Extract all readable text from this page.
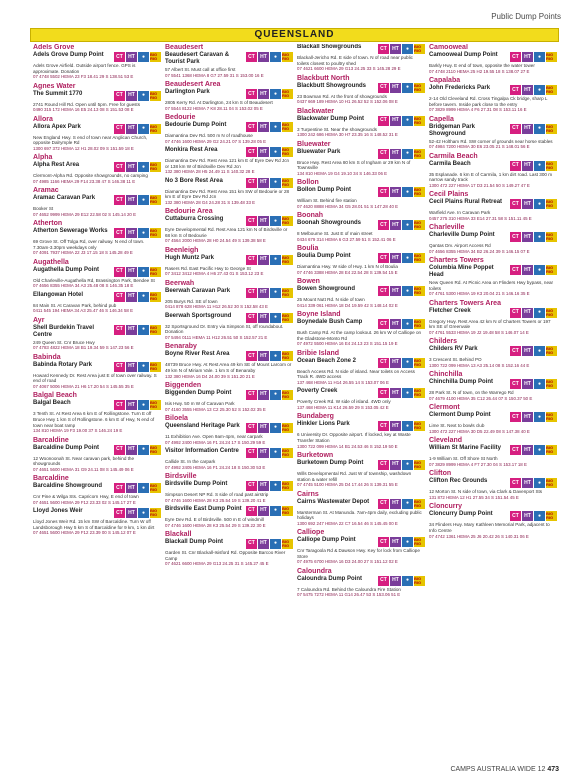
Public Dump Points
QUEENSLAND
Adels Grove
Adels Grove Dump Point	CT	HT	●	BIG RIG
Adels Grove Airfield. Outside airport fence. GPS is approximate. Donation
07 4748 5502 HEMA 23 F3 18.41 29 S 138.51 53 E
Agnes Water
The Summit 1770	CT	HT	●	BIG RIG
2741 Round Hill Rd. Open until 5pm. Free for guests
0490 315 172 HEMA 16 E5 24.13 08 S 151.53 08 E
Allora
Allora Apex Park	CT	HT	●	BIG RIG
New England Hwy. S end of town near Anglican Church, opposite Dalrymple Rd
1300 697 372 HEMA 12 H1 28.02 09 S 151.59 18 E
Alpha
Alpha Rest Area	CT	HT	●	BIG RIG
Clermont-Alpha Rd. Opposite showgrounds, no camping
07 4985 1166 HEMA 29 F14 23.38 47 S 146.38 11 E
Aramac
Aramac Caravan Park	CT	HT	●	BIG RIG
Booker St
07 4652 9999 HEMA 29 E12 22.58 02 S 145.14 20 E
Atherton
Atherton Sewerage Works	CT	HT	●	BIG RIG
69 Grove St. Off Tolga Rd, over railway. N end of town. 7.30am-3.30pm weekdays only
07 4091 7937 HEMA 22 J3 17.15 18 S 145.28 49 E
Augathella
Augathella Dump Point	CT	HT	●	BIG RIG
Old Charleville-Augathella Rd, Brassington Park, Bendee St
07 4656 8355 HEMA 34 A3 25.48 08 S 146.35 18 E
Ellangowan Hotel	CT	HT	●	BIG RIG
84 Main St. At Caravan Park, behind pub
0411 545 194 HEMA 34 A3 25.47 46 S 146.34 58 E
Ayr
Shell Burdekin Travel Centre
CT	HT	●	BIG RIG
249 Queen St. Cnr Bruce Hwy
07 4783 4822 HEMA 18 B1 19.34 59 S 147.23 56 E
Babinda
Babinda Rotary Park	CT	HT	●	BIG RIG
Howard Kennedy Dr. Rest Area just E of town over railway. S end of road
07 4067 5006 HEMA 21 H6 17.20 54 S 145.55 35 E
Balgal Beach
Balgal Beach	CT	HT	●	BIG RIG
3 Tenth St. At Rest Area 6 km E of Rollingstone. Turn E off Bruce Hwy 1 km S of Rollingstone. 6 km E of Hwy, N end of town near boat ramp
134 810 HEMA 19 F3 19.00 37 S 146.24 19 E
Barcaldine
Barcaldine Dump Point	CT	HT	●	BIG RIG
12 Woonoonah St. Near caravan park, behind the showgrounds
07 4651 5600 HEMA 31 G9 24.11 08 S 145.49 06 E
Barcaldine
Barcaldine Showground	CT	HT	●	BIG RIG
Cnr Pine & Wilga Sts. Capricorn Hwy, E end of town
07 4651 5600 HEMA 29 F12 23.33 02 S 145.17 27 E
Lloyd Jones Weir	CT	HT	●	BIG RIG
Lloyd Jones Weir Rd. 15 km SW of Barcaldine. Turn W off Landsborough Hwy 5 km S of Barcaldine for 9 km, 1 km dirt
07 4651 5600 HEMA 29 F12 23.39 00 S 145.12 07 E
Beaudesert
Beaudesert Caravan & Tourist Park
CT	HT	●	BIG RIG
57 Albert St. Must call at office first
07 5541 1368 HEMA 8 G7 27.59 31 S 153.00 16 E
Beaudesert Area
Darlington Park	CT	HT	●	BIG RIG
2805 Kerry Rd. At Darlington, 24 km S of Beaudesert
07 5544 8122 HEMA 7 K8 28.11 04 S 153.02 05 E
Bedourie
Bedourie Dump Point	CT	HT	●	BIG RIG
Diamantina Dev Rd. 500 m N of roadhouse
07 4746 1600 HEMA 29 G2 24.21 07 S 139.28 05 E
Monkira Rest Area	CT	HT	●	BIG RIG
Diamantina Dev Rd. Rest Area 121 km E of Eyre Dev Rd Jcn or 138 km W of Birdsville Dev Rd Jcn
132 380 HEMA 28 H5 24.49 11 S 140.32 28 E
No 3 Bore Rest Area	CT	HT	●	BIG RIG
Diamantina Dev Rd. Rest Area 151 km SW of Bedourie or 28 km E of Eyre Dev Rd Jcn
132 380 HEMA 28 G4 24.28 31 S 139.48 33 E
Bedourie Area
Cuttaburra Crossing	CT	HT	●	BIG RIG
Eyre Developmental Rd. Rest Area 121 km N of Birdsville or 68 km S of Bedourie
07 4564 2000 HEMA 28 H0 24.54 49 S 139.38 58 E
Beenleigh
Hugh Muntz Park	CT	HT	●	BIG RIG
Rasers Rd. East Pacific Hwy to George St
07 3412 3412 HEMA 4 H6 27.43 01 S 153.12 23 E
Beerwah
Beerwah Caravan Park	CT	HT	●	BIG RIG
205 Burys Rd. SE of town
0414 878 628 HEMA 11 H12 26.52 30 S 152.58 43 E
Beerwah Sportsground	CT	HT	●	BIG RIG
32 Sportsground Dr. Entry via Simpson St, off roundabout. Donation
07 5494 0111 HEMA 11 H12 26.51 50 S 152.57 21 E
Benaraby
Boyne River Rest Area	CT	HT	●	BIG RIG
48739 Bruce Hwy. At Rest Area 49 km SE of Mount Larcom or 49 km N of Miriam Vale. 1 km S of Benaraby
132 380 HEMA 16 D4 24.00 39 S 151.20 21 E
Biggenden
Biggenden Dump Point	CT	HT	●	BIG RIG
Isis Hwy. 50 m W of Caravan Park
07 4160 3555 HEMA 13 C2 25.30 52 S 152.02 35 E
Biloela
Queensland Heritage Park	CT	HT	●	BIG RIG
11 Exhibition Ave. Open 9am-4pm, near carpark
07 4992 2400 HEMA 16 F1 24.24 17 S 150.29 59 E
Visitor Information Centre	CT	HT	●	BIG RIG
Callide St. In the carpark
07 4992 2405 HEMA 16 F1 24.24 18 S 150.30 53 E
Birdsville
Birdsville Dump Point	CT	HT	●	BIG RIG
Simpson Desert NP Rd. S side of road past airstrip
07 4746 1600 HEMA 28 K3 25.54 19 S 139.20 41 E
Birdsville East Dump Point	CT	HT	●	BIG RIG
Eyre Dev Rd. E of Birdsville. 500 m E of windmill
07 4746 1600 HEMA 28 K3 25.54 29 S 139.22 30 E
Blackall
Blackall Dump Point	CT	HT	●	BIG RIG
Garden St. Cnr Blackall-Isisford Rd. Opposite Barcoo River Camp
07 4621 6600 HEMA 29 G13 24.25 31 S 145.27 45 E
Blackall Showgrounds	CT	HT	●	BIG RIG
Blackall-Jericho Rd. E side of town. N of road near public toilets closest to poultry shed
07 4621 6600 HEMA 29 G13 24.25 33 S 145.28 29 E
Blackbutt North
Blackbutt Showgrounds	CT	HT	●	BIG RIG
23 Bowman Rd. At the front of showgrounds
0437 669 189 HEMA 10 H1 26.52 52 S 152.06 08 E
Blackwater
Blackwater Dump Point	CT	HT	●	BIG RIG
3 Turpentine St. Near the showgrounds
1300 242 686 HEMA 30 H7 23.35 16 S 148.52 31 E
Bluewater
Bluewater Park	CT	HT	●	BIG RIG
Bruce Hwy. Rest Area 80 km S of Ingham or 29 km N of Townsville
134 810 HEMA 19 G4 19.10 34 S 146.33 06 E
Bollon
Bollon Dump Point	CT	HT	●	BIG RIG
William St. Behind fire station
07 4620 8888 HEMA 34 G5 28.01 51 S 147.28 40 E
Boonah
Boonah Showgrounds	CT	HT	●	BIG RIG
8 Melbourne St. Just E of main street
0434 679 314 HEMA 6 G3 27.59 51 S 152.41 06 E
Boulia
Boulia Dump Point	CT	HT	●	BIG RIG
Diamantina Hwy. W side of Hwy. 1 km N of Boulia
07 4746 3388 HEMA 28 E4 22.54 28 S 139.54 15 E
Bowen
Bowen Showground	CT	HT	●	BIG RIG
25 Mount Nutt Rd. N side of town
0414 339 061 HEMA 18 D4 19.59 42 S 148.14 02 E
Boyne Island
Boynedale Bush Camp	CT	HT	●	BIG RIG
Bush Camp Rd. At the camp lookout. 26 km W of Calliope on the Gladstone-Monto Rd
07 4972 5500 HEMA 16 E4 24.13 23 S 151.15 19 E
Bribie Island
Ocean Beach Zone 2	CT	HT	●	BIG RIG
Beach Access Rd. N side of island. Near toilets on Access Track R. 4WD access
137 468 HEMA 11 H14 26.55 14 S 153.07 06 E
Poverty Creek	CT	HT	●	BIG RIG
Poverty Creek Rd. W side of island. 4WD only
137 468 HEMA 11 K14 26.59 29 S 153.05 42 E
Bundaberg
Hinkler Lions Park	CT	HT	●	BIG RIG
6 University Dr. Opposite airport. If locked, key at Waste Transfer Station
1300 722 099 HEMA 14 B1 24.53 46 S 152.19 50 E
Burketown
Burketown Dump Point	CT	HT	●	BIG RIG
Wills Developmental Rd. Just W of township, washdown station & water refill
07 4745 5100 HEMA 25 D4 17.44 26 S 139.31 55 E
Cairns
Cairns Wastewater Depot	CT	HT	●	BIG RIG
Marsterman St. At Manunda. 7am-4pm daily, excluding public holidays
1300 692 247 HEMA 22 C7 16.54 46 S 145.45 00 E
Calliope
Calliope Dump Point	CT	HT	●	BIG RIG
Cnr Taragoola Rd & Dawson Hwy. Key for lock from Calliope Store
07 4975 6700 HEMA 16 D3 24.00 27 S 151.12 02 E
Caloundra
Caloundra Dump Point	CT	HT	●	BIG RIG
7 Caloundra Rd. Behind the Caloundra Fire Station
07 5475 7272 HEMA 11 G14 26.47 53 S 153.06 51 E
Camooweal
Camooweal Dump Point	CT	HT	●	BIG RIG
Barkly Hwy. E end of town, opposite the water tower
07 4748 2110 HEMA 25 H2 19.55 18 S 138.07 27 E
Capalaba
John Fredericks Park	CT	HT	●	BIG RIG
2-14 Old Cleveland Rd. Cross Tingalpa Ck bridge, sharp L before tavern. Inside park close to the entry
07 3829 8999 HEMA 4 F6 27.31 08 S 153.11 16 E
Capella
Bridgeman Park Showground
CT	HT	●	BIG RIG
52-42 Holtham Rd. SW corner of grounds near horse stables
07 4984 7200 HEMA 30 E6 23.05 21 S 148.01 56 E
Carmila Beach
Carmila Beach	CT	HT	●	BIG RIG
35 Esplanade. 6 km E of Carmila, 1 km dirt road. Last 300 m narrow sandy track
1300 472 227 HEMA 17 D3 21.54 50 S 149.27 47 E
Cecil Plains
Cecil Plains Rural Retreat	CT	HT	●	BIG RIG
Warfield Ave. In Caravan Park
0457 275 310 HEMA 33 E14 27.31 58 S 151.11 45 E
Charleville
Charleville Dump Point	CT	HT	●	BIG RIG
Qantas Drv. Airport Access Rd
07 4656 8355 HEMA 34 B2 26.24 39 S 146.15 07 E
Charters Towers
Columbia Mine Poppet Head
CT	HT	●	BIG RIG
New Queen Rd. At Picnic Area on Flinders Hwy bypass, near toilets
07 4761 5300 HEMA 19 K3 20.04 21 S 146.16 35 E
Charters Towers Area
Fletcher Creek	CT	HT	●	BIG RIG
Gregory Hwy. Rest Area 42 km N of Charters Towers or 197 km SE of Greenvale
07 4761 5533 HEMA 19 J2 19.48 58 S 146.07 14 E
Childers
Childers RV Park	CT	HT	●	BIG RIG
3 Crescent St. Behind PO
1300 722 099 HEMA 13 A3 25.14 08 S 152.16 44 E
Chinchilla
Chinchilla Dump Point	CT	HT	●	BIG RIG
28 Park St. N of town, on the Warrego Rd
07 4679 4100 HEMA 35 C12 26.44 07 S 150.37 50 E
Clermont
Clermont Dump Point	CT	HT	●	BIG RIG
Lime St. Next to bowls club
1300 472 227 HEMA 30 D5 22.49 08 S 147.38 40 E
Cleveland
William St Marine Facility	CT	HT	●	BIG RIG
1-9 William St. Off Shore St North
07 3829 8999 HEMA 4 F7 27.30 04 S 153.17 18 E
Clifton
Clifton Rec Grounds	CT	HT	●	BIG RIG
12 Morton St. N side of town, via Clark & Davenport Sts
131 872 HEMA 12 H1 27.55 34 S 151.54 45 E
Cloncurry
Cloncurry Dump Point	CT	HT	●	BIG RIG
34 Flinders Hwy. Mary Kathleen Memorial Park, adjacent to Info Centre
07 4742 1361 HEMA 25 J6 20.42 26 S 140.31 06 E
CAMPS AUSTRALIA WIDE 12 473
